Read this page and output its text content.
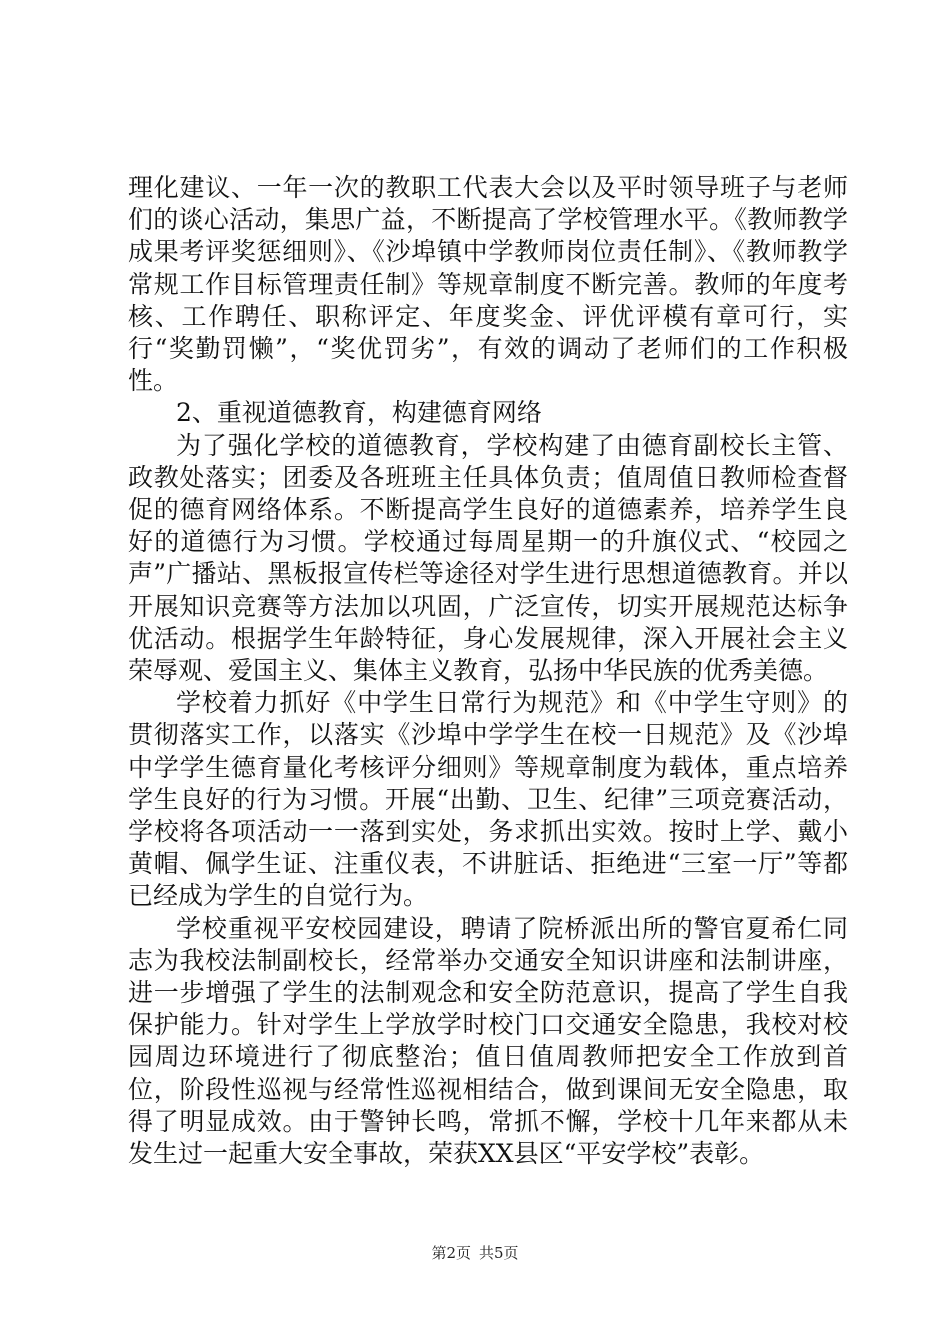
理化建议、一年一次的教职工代表大会以及平时领导班子与老师们的谈心活动，集思广益，不断提高了学校管理水平。《教师教学成果考评奖惩细则》、《沙埠镇中学教师岗位责任制》、《教师教学常规工作目标管理责任制》等规章制度不断完善。教师的年度考核、工作聘任、职称评定、年度奖金、评优评模有章可行，实行“奖勤罚懒”，“奖优罚劣”，有效的调动了老师们的工作积极性。

2、重视道德教育，构建德育网络

为了强化学校的道德教育，学校构建了由德育副校长主管、政教处落实；团委及各班班主任具体负责；值周值日教师检查督促的德育网络体系。不断提高学生良好的道德素养，培养学生良好的道德行为习惯。学校通过每周星期一的升旗仪式、“校园之声”广播站、黑板报宣传栏等途径对学生进行思想道德教育。并以开展知识竞赛等方法加以巩固，广泛宣传，切实开展规范达标争优活动。根据学生年龄特征，身心发展规律，深入开展社会主义荣辱观、爱国主义、集体主义教育，弘扬中华民族的优秀美德。

学校着力抓好《中学生日常行为规范》和《中学生守则》的贯彻落实工作，以落实《沙埠中学学生在校一日规范》及《沙埠中学学生德育量化考核评分细则》等规章制度为载体，重点培养学生良好的行为习惯。开展“出勤、卫生、纪律”三项竞赛活动，学校将各项活动一一落到实处，务求抓出实效。按时上学、戴小黄帽、佩学生证、注重仪表，不讲脏话、拒绝进“三室一厅”等都已经成为学生的自觉行为。

学校重视平安校园建设，聘请了院桥派出所的警官夏希仁同志为我校法制副校长，经常举办交通安全知识讲座和法制讲座，进一步增强了学生的法制观念和安全防范意识，提高了学生自我保护能力。针对学生上学放学时校门口交通安全隐患，我校对校园周边环境进行了彻底整治；值日值周教师把安全工作放到首位，阶段性巡视与经常性巡视相结合，做到课间无安全隐患，取得了明显成效。由于警钟长鸣，常抓不懈，学校十几年来都从未发生过一起重大安全事故，荣获XX县区“平安学校”表彰。

第2页 共5页
